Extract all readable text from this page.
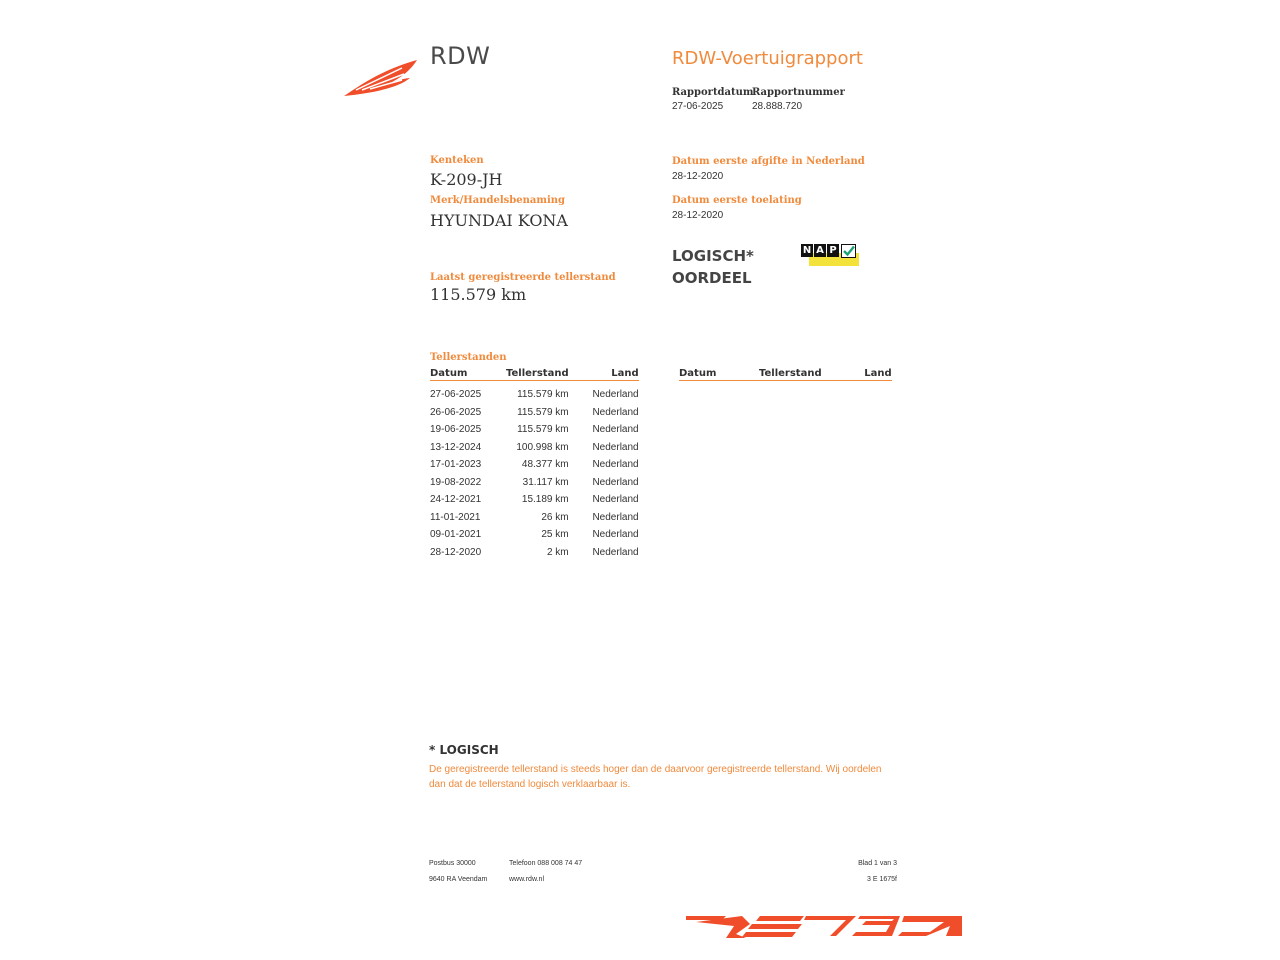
RDW	RDW-Voertuigrapport
Rapportdatum
27-06-2025
Rapportnummer
28.888.720
Kenteken
K-209-JH
Merk/Handelsbenaming
HYUNDAI KONA
Laatst geregistreerde tellerstand
115.579 km
Datum eerste afgifte in Nederland
28-12-2020
Datum eerste toelating
28-12-2020
LOGISCH*
OORDEEL
N A P
Tellerstanden
Datum	Tellerstand	Land

27-06-2025	115.579 km	Nederland
26-06-2025	115.579 km	Nederland
19-06-2025	115.579 km	Nederland
13-12-2024	100.998 km	Nederland
17-01-2023	48.377 km	Nederland
19-08-2022	31.117 km	Nederland
24-12-2021	15.189 km	Nederland
11-01-2021	26 km	Nederland
09-01-2021	25 km	Nederland
28-12-2020	2 km	Nederland
Datum	Tellerstand	Land
* LOGISCH
De geregistreerde tellerstand is steeds hoger dan de daarvoor geregistreerde tellerstand. Wij oordelen dan dat de tellerstand logisch verklaarbaar is.
Postbus 30000
9640 RA Veendam
Telefoon 088 008 74 47
www.rdw.nl
Blad 1 van 3
3 E 1675f
